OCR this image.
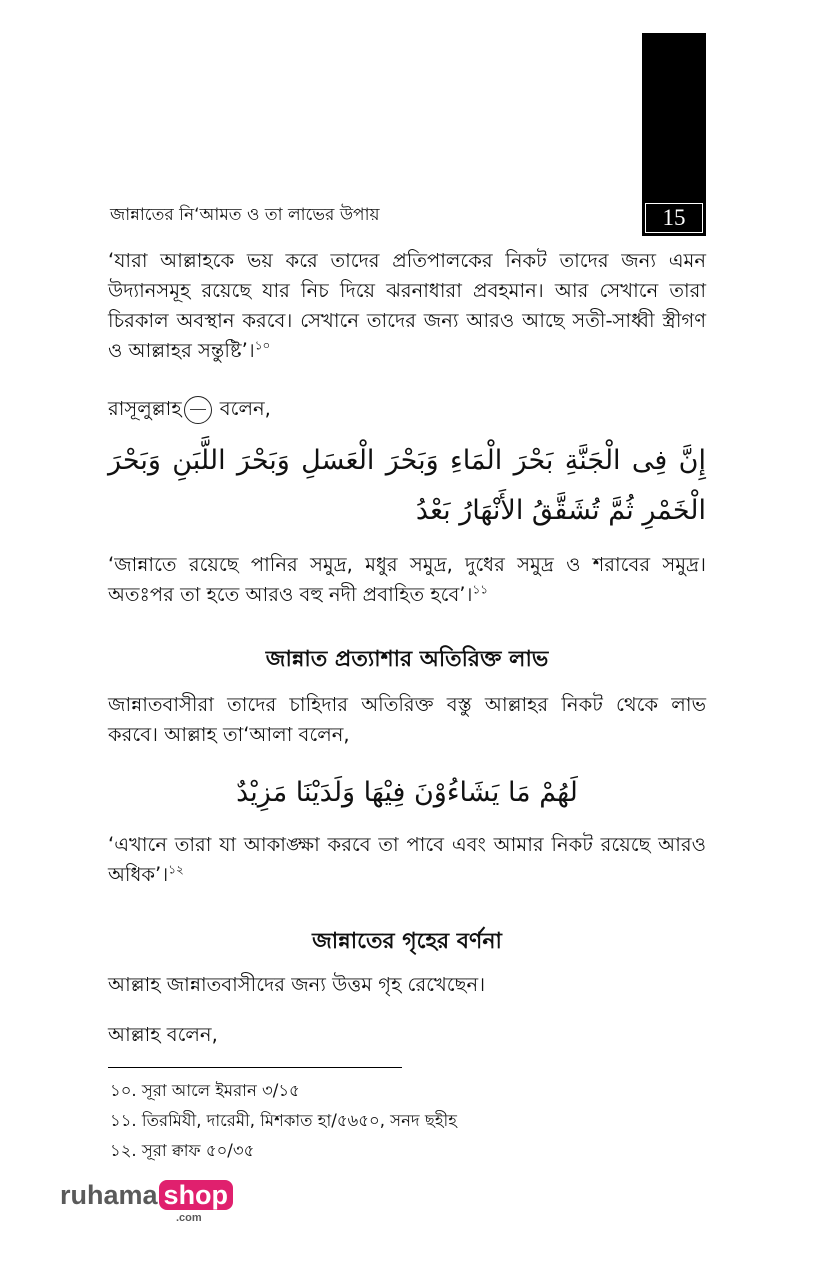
15
জান্নাতের নি‘আমত ও তা লাভের উপায়
‘যারা আল্লাহকে ভয় করে তাদের প্রতিপালকের নিকট তাদের জন্য এমন উদ্যানসমূহ রয়েছে যার নিচ দিয়ে ঝরনাধারা প্রবহমান। আর সেখানে তারা চিরকাল অবস্থান করবে। সেখানে তাদের জন্য আরও আছে সতী-সাধ্বী স্ত্রীগণ ও আল্লাহর সন্তুষ্টি’।$^{১০}$
রাসূলুল্লাহ বলেন,
إِنَّ فِى الْجَنَّةِ بَحْرَ الْمَاءِ وَبَحْرَ الْعَسَلِ وَبَحْرَ اللَّبَنِ وَبَحْرَ الْخَمْرِ ثُمَّ تُشَقَّقُ الأَنْهَارُ بَعْدُ
‘জান্নাতে রয়েছে পানির সমুদ্র, মধুর সমুদ্র, দুধের সমুদ্র ও শরাবের সমুদ্র। অতঃপর তা হতে আরও বহু নদী প্রবাহিত হবে’।$^{১১}$
জান্নাত প্রত্যাশার অতিরিক্ত লাভ
জান্নাতবাসীরা তাদের চাহিদার অতিরিক্ত বস্তু আল্লাহর নিকট থেকে লাভ করবে। আল্লাহ তা‘আলা বলেন,
لَهُمْ مَا يَشَاءُوْنَ فِيْهَا وَلَدَيْنَا مَزِيْدٌ
‘এখানে তারা যা আকাঙ্ক্ষা করবে তা পাবে এবং আমার নিকট রয়েছে আরও অধিক’।$^{১২}$
জান্নাতের গৃহের বর্ণনা
আল্লাহ জান্নাতবাসীদের জন্য উত্তম গৃহ রেখেছেন।
আল্লাহ বলেন,
১০. সূরা আলে ইমরান ৩/১৫
১১. তিরমিযী, দারেমী, মিশকাত হা/৫৬৫০, সনদ ছহীহ
১২. সূরা ক্বাফ ৫০/৩৫
ruhama shop
.com
